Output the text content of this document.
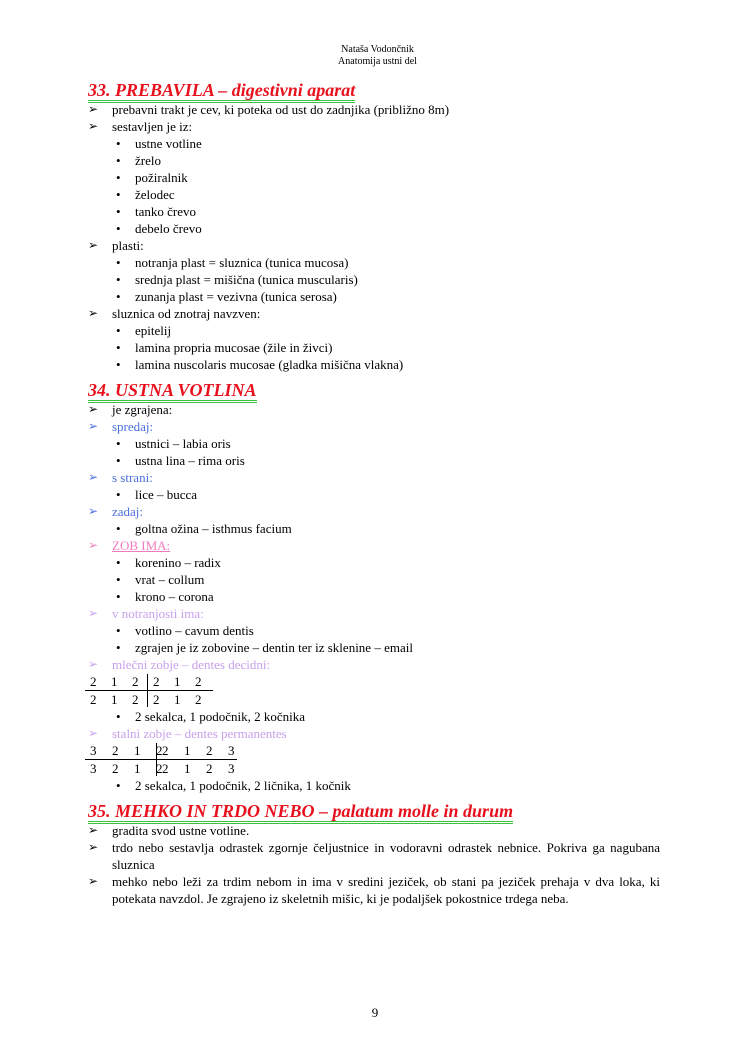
Nataša Vodončnik
Anatomija ustni del
33. PREBAVILA – digestivni aparat
➢ prebavni trakt je cev, ki poteka od ust do zadnjika (približno 8m)
➢ sestavljen je iz:
• ustne votline
• žrelo
• požiralnik
• želodec
• tanko črevo
• debelo črevo
➢ plasti:
• notranja plast = sluznica (tunica mucosa)
• srednja plast = mišična (tunica muscularis)
• zunanja plast = vezivna (tunica serosa)
➢ sluznica od znotraj navzven:
• epitelij
• lamina propria mucosae (žile in živci)
• lamina nuscolaris mucosae (gladka mišična vlakna)
34. USTNA VOTLINA
➢ je zgrajena:
➢ spredaj:
• ustnici – labia oris
• ustna lina – rima oris
➢ s strani:
• lice – bucca
➢ zadaj:
• goltna ožina – isthmus facium
➢ ZOB IMA:
• korenino – radix
• vrat – collum
• krono – corona
➢ v notranjosti ima:
• votlino – cavum dentis
• zgrajen je iz zobovine – dentin ter iz sklenine – email
➢ mlečni zobje – dentes decidni:
2 1 2 2 1 2
2 1 2 2 1 2
• 2 sekalca, 1 podočnik, 2 kočnika
➢ stalni zobje – dentes permanentes
3 2 1 2 2 1 2 3
3 2 1 2 2 1 2 3
• 2 sekalca, 1 podočnik, 2 ličnika, 1 kočnik
35. MEHKO IN TRDO NEBO – palatum molle in durum
➢ gradita svod ustne votline.
➢ trdo nebo sestavlja odrastek zgornje čeljustnice in vodoravni odrastek nebnice. Pokriva ga nagubana sluznica
➢ mehko nebo leži za trdim nebom in ima v sredini jeziček, ob stani pa jeziček prehaja v dva loka, ki potekata navzdol. Je zgrajeno iz skeletnih mišic, ki je podaljšek pokostnice trdega neba.
9
